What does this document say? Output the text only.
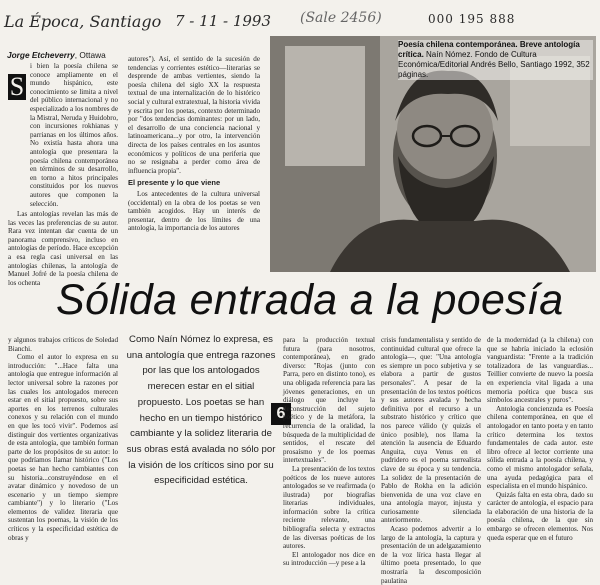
La Época, Santiago 7 - 11 - 1993 (Sale 2456)	000 195 888
Jorge Etcheverry, Ottawa
S

i bien la poesía chilena se conoce ampliamente en el mundo hispánico, este conocimiento se limita a nivel del público internacional y no especializado a los nombres de la Mistral, Neruda y Huidobro, con incursiones rokhianas y parrianas en los últimos años. No existía hasta ahora una antología que presentara la poesía chilena contemporánea en términos de su desarrollo, en torno a hitos principales constituidos por los nuevos autores que componen la selección.

Las antologías revelan las más de las veces las preferencias de su autor. Rara vez intentan dar cuenta de un panorama comprensivo, incluso en antologías de período. Hace excepción a esa regla casi universal en las antologías chilenas, la antología de Manuel Jofré de la poesía chilena de los ochenta

autores"). Así, el sentido de la sucesión de tendencias y corrientes estético—literarias se desprende de ambas vertientes, siendo la poesía chilena del siglo XX la respuesta textual de una internalización de lo histórico social y cultural extratextual, la historia vivida y escrita por los poetas, contexto determinado por "dos tendencias dominantes: por un lado, el desarrollo de una conciencia nacional y latinoamericana...y por otro, la intervención directa de los países centrales en los asuntos económicos y políticos de una periferia que no se resignaba a perder como área de influencia propia".

El presente y lo que viene

Los antecedentes de la cultura universal (occidental) en la obra de los poetas se ven también acogidos. Hay un interés de presentar, dentro de los límites de una antología, la importancia de los autores

Poesía chilena contemporánea. Breve antología crítica. Naín Nómez. Fondo de Cultura Económica/Editorial Andrés Bello, Santiago 1992, 352 páginas.
6
Sólida entrada a la poesía

y algunos trabajos críticos de Soledad Bianchi.

Como el autor lo expresa en su introducción: "...Hace falta una antología que entregue información al lector universal sobre la razones por las cuales los antologados merecen estar en el sitial propuesto, sobre sus aportes en los terrenos culturales conexos y su relación con el mundo en que les tocó vivir". Podemos así distinguir dos vertientes organizativas de esta antología, que también forman parte de los propósitos de su autor: lo que podríamos llamar histórico ("Los poetas se han hecho cambiantes con su historia...construyéndose en el avatar dinámico y novedoso de un escenario y un tiempo siempre cambiante") y lo literario ("Los elementos de validez literaria que sustentan los poemas, la visión de los críticos y la especificidad estética de obras y

Como Naín Nómez lo expresa, es una antología que entrega razones por las que los antologados merecen estar en el sitial propuesto. Los poetas se han hecho en un tiempo histórico cambiante y la solidez literaria de sus obras está avalada no sólo por la visión de los críticos sino por su especificidad estética.

para la producción textual futura (para nosotros, contemporánea), en grado diverso: "Rojas (junto con Parra, pero en distinto tono), es una obligada referencia para las jóvenes generaciones, en un diálogo que incluye la deconstrucción del sujeto poético y de la metáfora, la recurrencia de la oralidad, la búsqueda de la multiplicidad de sentidos, el rescate del prosaísmo y de los poemas intertextuales".

La presentación de los textos poéticos de los nueve autores antologados se ve reafirmada (o ilustrada) por biografías literarias individuales, información sobre la crítica reciente relevante, una bibliografía selecta y extractos de las diversas poéticas de los autores.

El antologador nos dice en su introducción —y pese a la

crisis fundamentalista y sentido de continuidad cultural que ofrece la antología—, que: "Una antología es siempre un poco subjetiva y se elabora a partir de gustos personales". A pesar de la presentación de los textos poéticos y sus autores avalada y hecha definitiva por el recurso a un substrato histórico y crítico que nos parece válido (y quizás el único posible), nos llama la atención la ausencia de Eduardo Anguita, cuya Venus en el pudridero es el poema surrealista clave de su época y su tendencia. La solidez de la presentación de Pablo de Rokha en la adición bienvenida de una voz clave en una antología mayor, injusta y curiosamente silenciada anteriormente.

Acaso podemos advertir a lo largo de la antología, la captura y presentación de un adelgazamiento de la voz lírica hasta llegar al último poeta presentado, lo que mostraría la descomposición paulatina

de la modernidad (a la chilena) con que se habría iniciado la eclosión vanguardista: "Frente a la tradición totalizadora de las vanguardias... Teillier convierte de nuevo la poesía en experiencia vital ligada a una memoria poética que busca sus símbolos ancestrales y puros".

Antología concienzuda es Poesía chilena contemporánea, en que el antologador en tanto poeta y en tanto crítico determina los textos fundamentales de cada autor. este libro ofrece al lector corriente una sólida entrada a la poesía chilena, y como el mismo antologador señala, una ayuda pedagógica para el especialista en el mundo hispánico.

Quizás falta en esta obra, dado su carácter de antología, el espacio para la elaboración de una historia de la poesía chilena, de la que sin embargo se ofrecen elementos. Nos queda esperar que en el futuro
